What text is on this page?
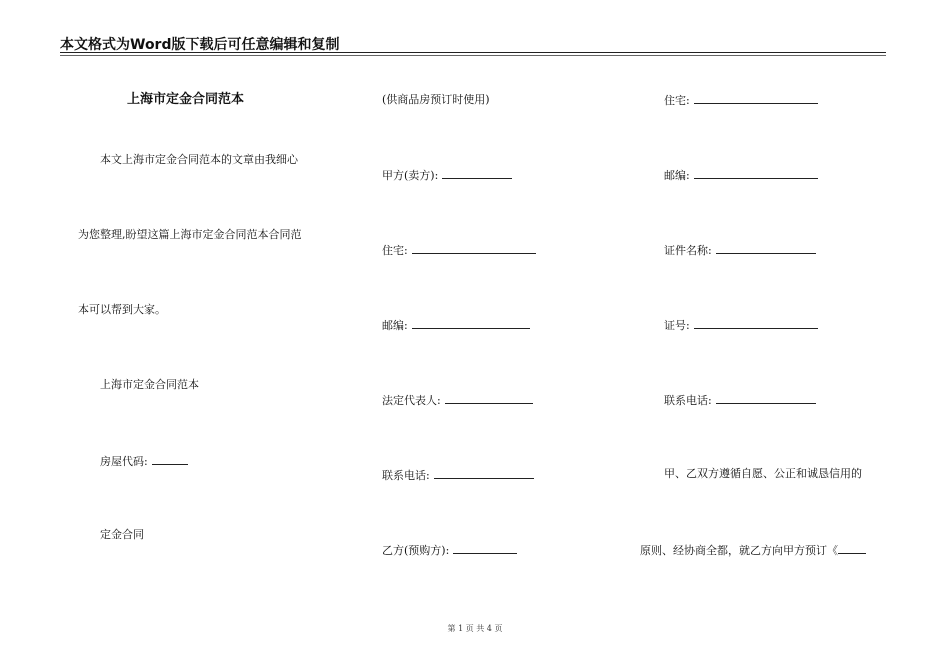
本文格式为Word版下载后可任意编辑和复制
上海市定金合同范本
本文上海市定金合同范本的文章由我细心
为您整理,盼望这篇上海市定金合同范本合同范
本可以帮到大家。
上海市定金合同范本
房屋代码:
定金合同
(供商品房预订时使用)
甲方(卖方):
住宅:
邮编:
法定代表人:
联系电话:
乙方(预购方):
住宅:
邮编:
证件名称:
证号:
联系电话:
甲、乙双方遵循自愿、公正和诚恳信用的
原则、经协商全都，就乙方向甲方预订《
第 1 页 共 4 页
